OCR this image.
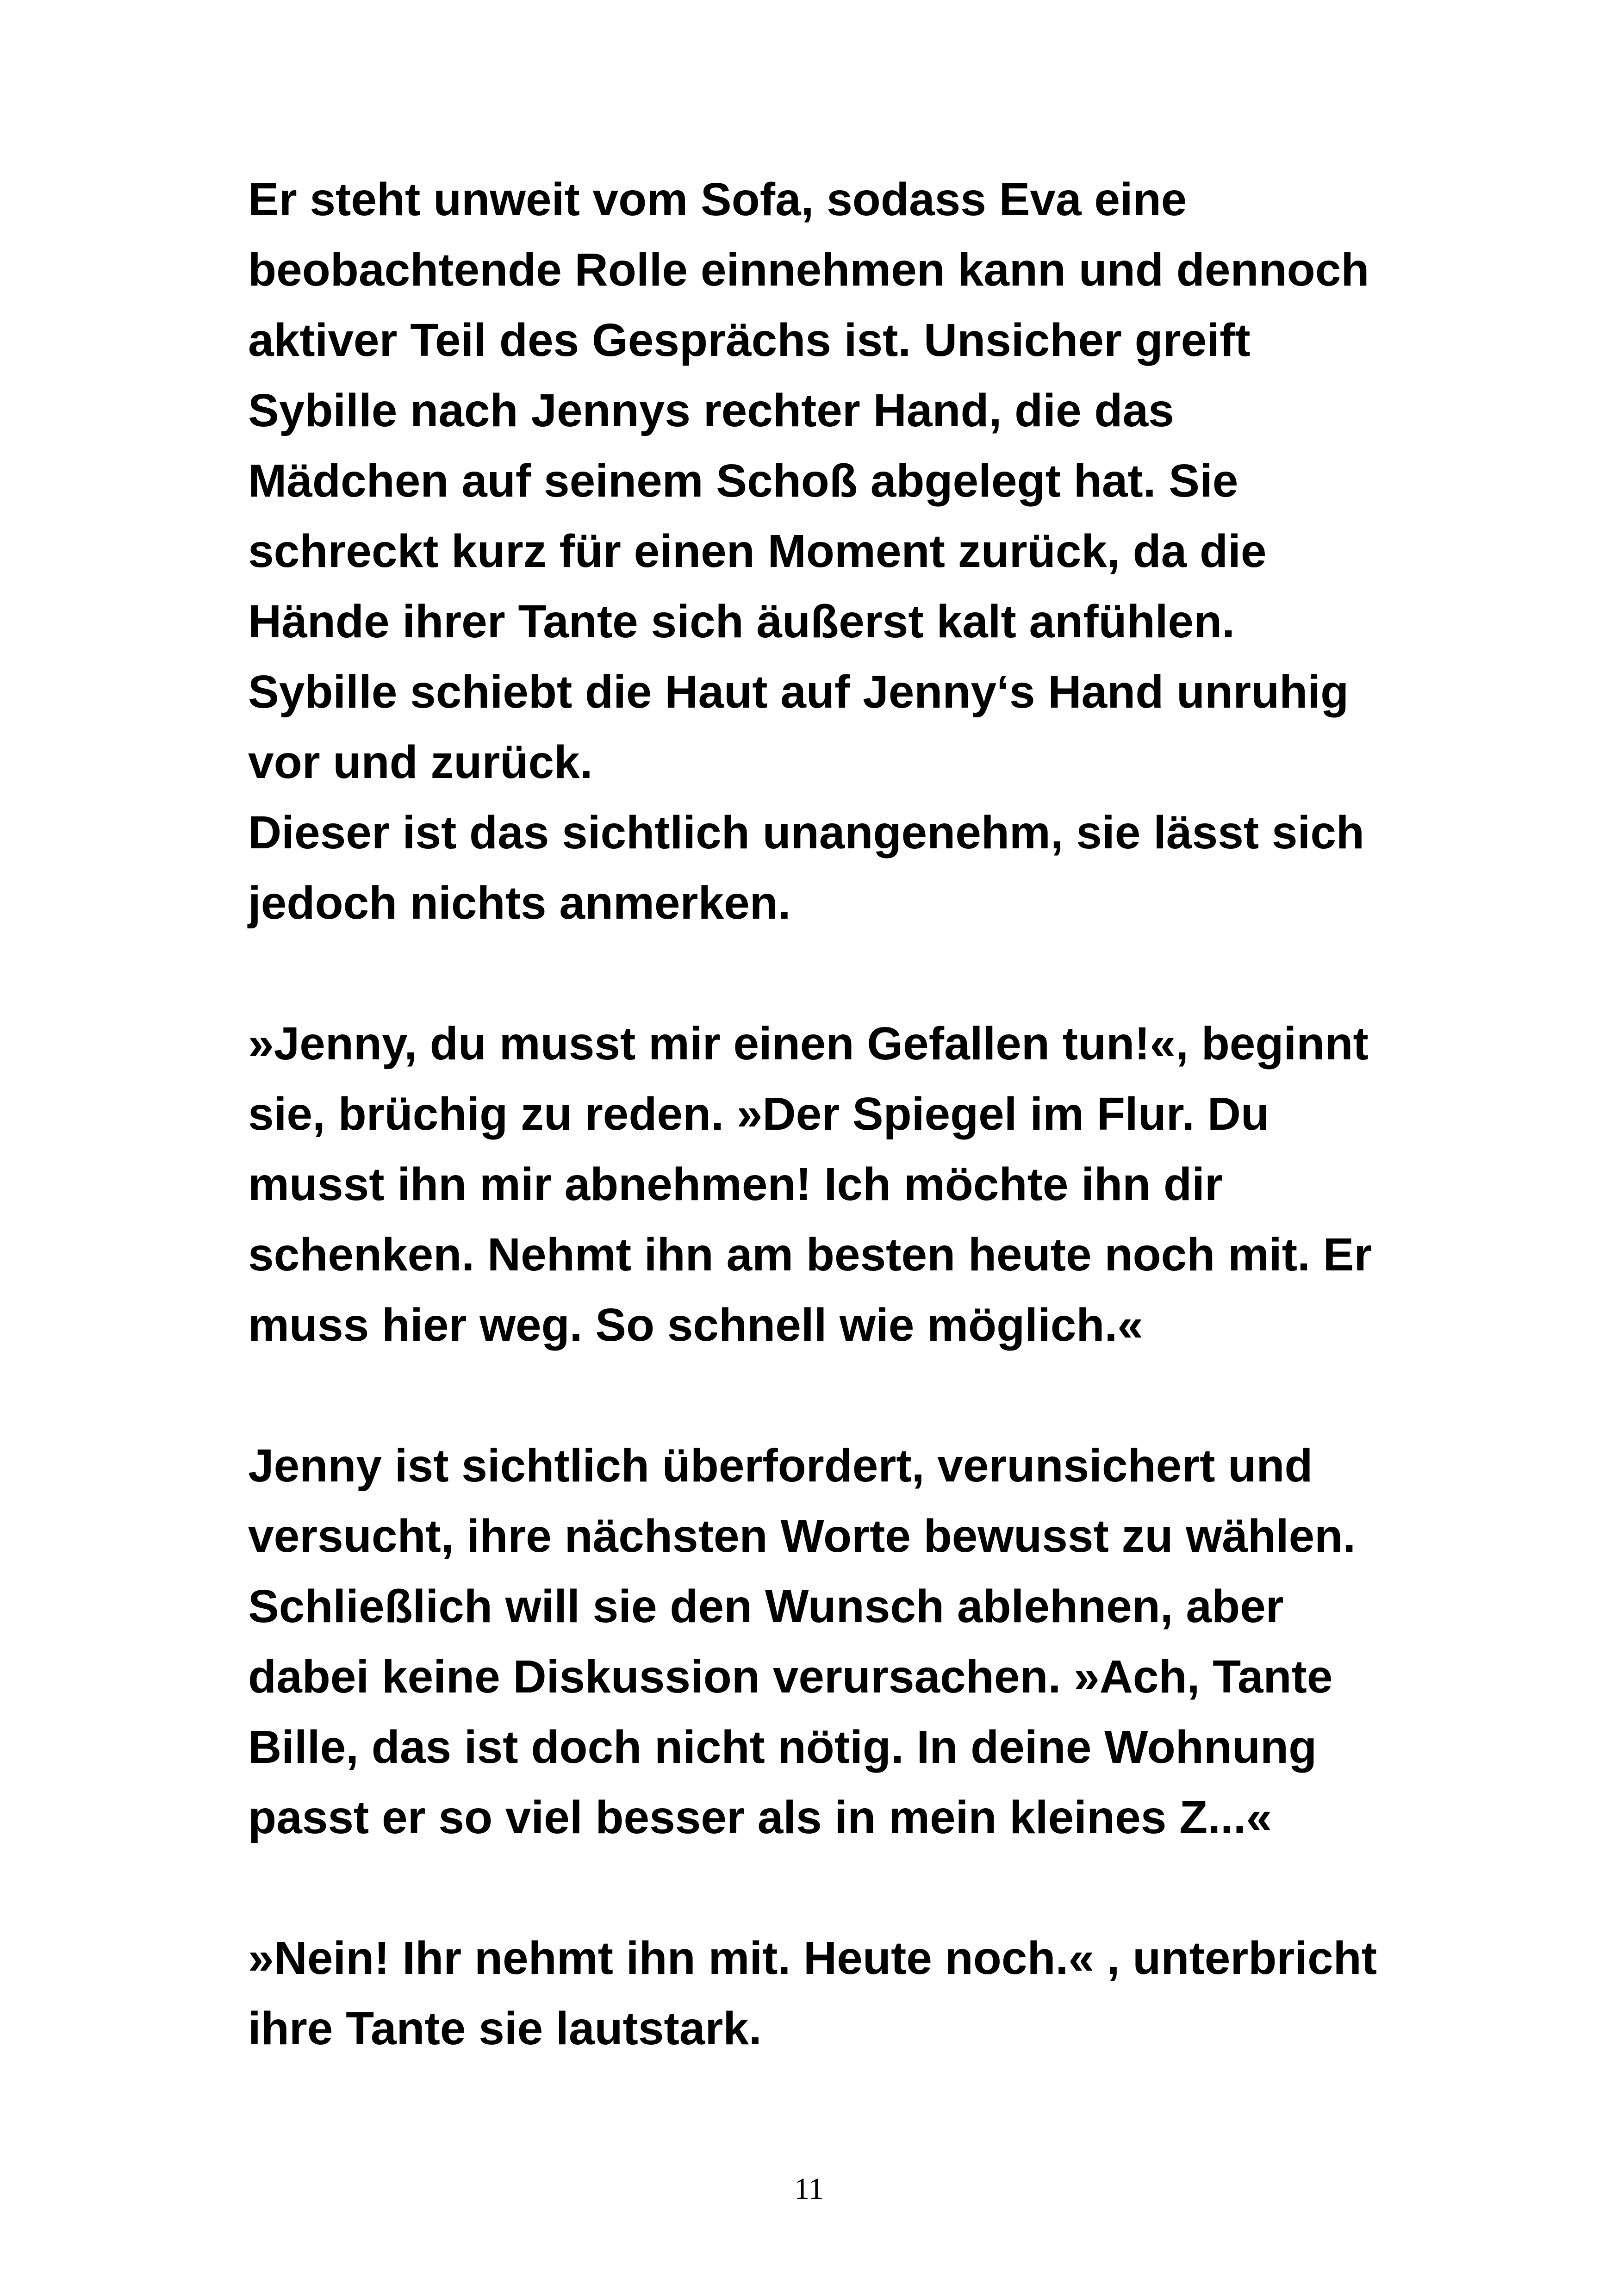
Er steht unweit vom Sofa, sodass Eva eine
beobachtende Rolle einnehmen kann und dennoch
aktiver Teil des Gesprächs ist. Unsicher greift
Sybille nach Jennys rechter Hand, die das
Mädchen auf seinem Schoß abgelegt hat. Sie
schreckt kurz für einen Moment zurück, da die
Hände ihrer Tante sich äußerst kalt anfühlen.
Sybille schiebt die Haut auf Jenny‘s Hand unruhig
vor und zurück.
Dieser ist das sichtlich unangenehm, sie lässt sich
jedoch nichts anmerken.
»Jenny, du musst mir einen Gefallen tun!«, beginnt
sie, brüchig zu reden. »Der Spiegel im Flur. Du
musst ihn mir abnehmen! Ich möchte ihn dir
schenken. Nehmt ihn am besten heute noch mit. Er
muss hier weg. So schnell wie möglich.«
Jenny ist sichtlich überfordert, verunsichert und
versucht, ihre nächsten Worte bewusst zu wählen.
Schließlich will sie den Wunsch ablehnen, aber
dabei keine Diskussion verursachen. »Ach, Tante
Bille, das ist doch nicht nötig. In deine Wohnung
passt er so viel besser als in mein kleines Z...«
»Nein! Ihr nehmt ihn mit. Heute noch.« , unterbricht
ihre Tante sie lautstark.
11
